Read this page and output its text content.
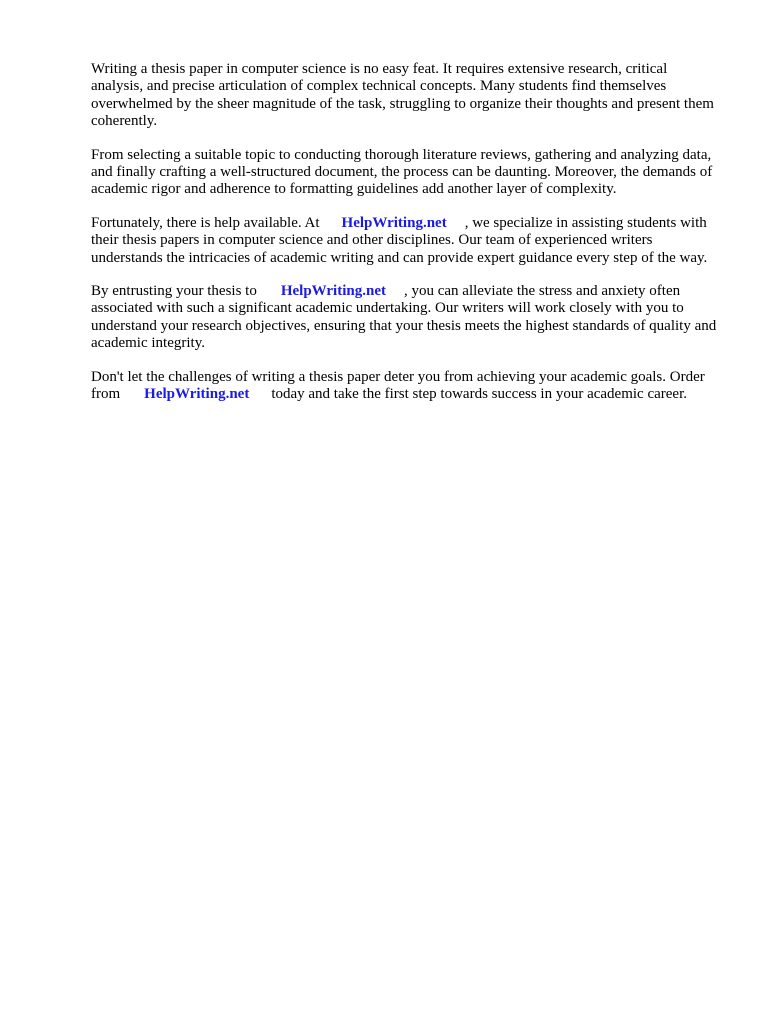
Writing a thesis paper in computer science is no easy feat. It requires extensive research, critical analysis, and precise articulation of complex technical concepts. Many students find themselves overwhelmed by the sheer magnitude of the task, struggling to organize their thoughts and present them coherently.

From selecting a suitable topic to conducting thorough literature reviews, gathering and analyzing data, and finally crafting a well-structured document, the process can be daunting. Moreover, the demands of academic rigor and adherence to formatting guidelines add another layer of complexity.

Fortunately, there is help available. At HelpWriting.net , we specialize in assisting students with their thesis papers in computer science and other disciplines. Our team of experienced writers understands the intricacies of academic writing and can provide expert guidance every step of the way.

By entrusting your thesis to HelpWriting.net , you can alleviate the stress and anxiety often associated with such a significant academic undertaking. Our writers will work closely with you to understand your research objectives, ensuring that your thesis meets the highest standards of quality and academic integrity.

Don't let the challenges of writing a thesis paper deter you from achieving your academic goals. Order from HelpWriting.net today and take the first step towards success in your academic career.
